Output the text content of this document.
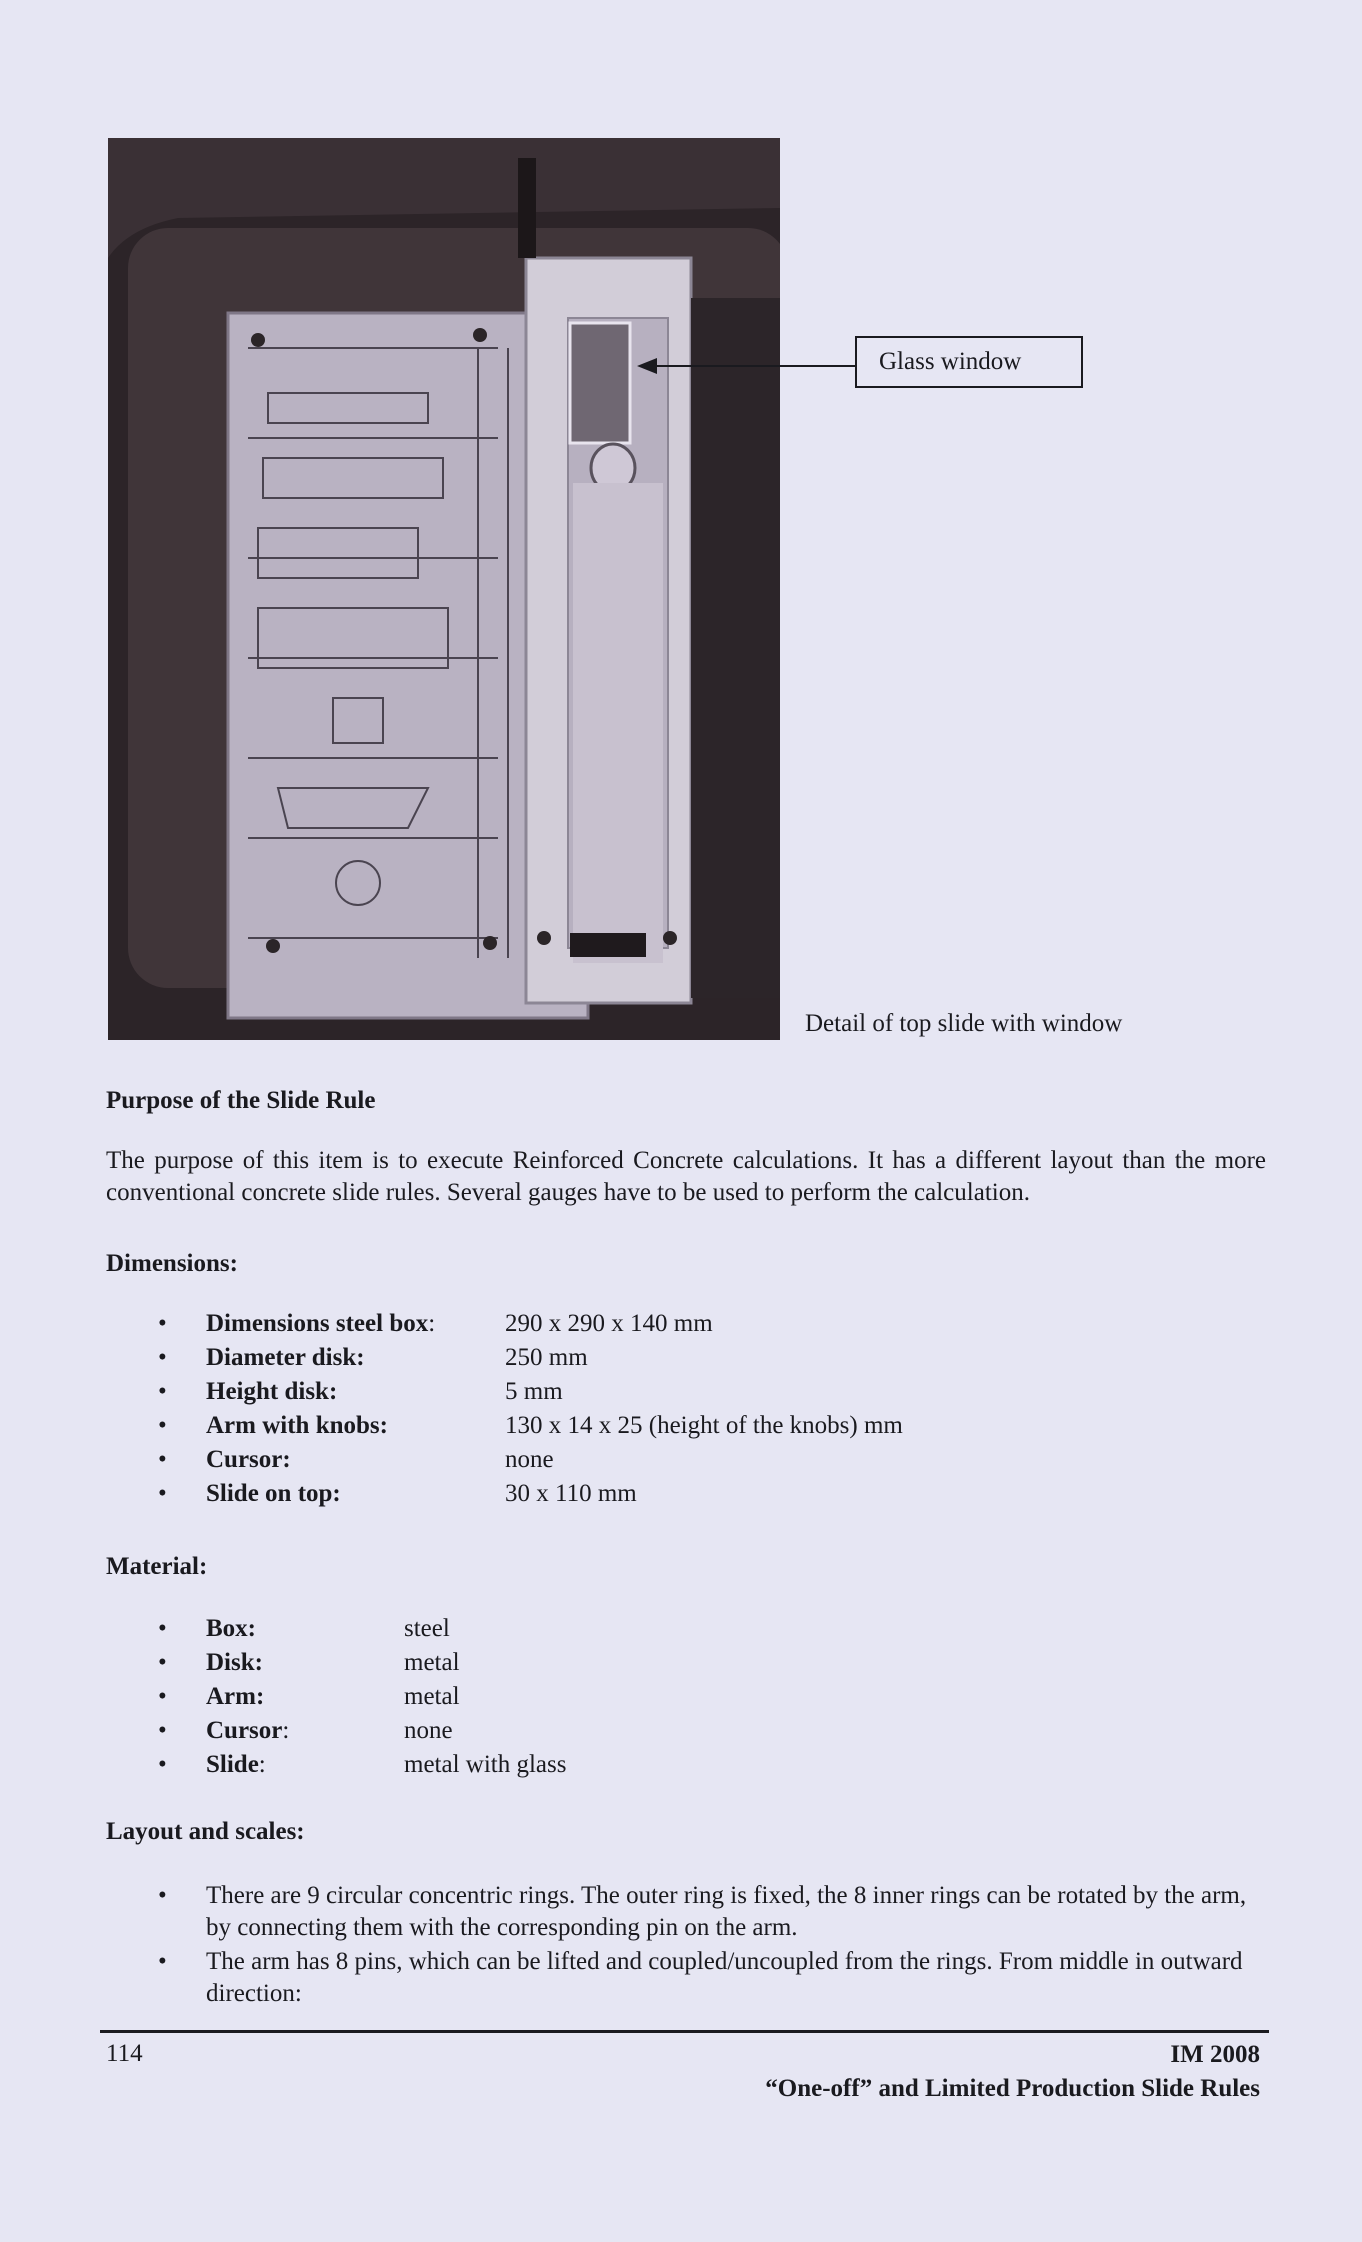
Glass window
Detail of top slide with window
Purpose of the Slide Rule
The purpose of this item is to execute Reinforced Concrete calculations. It has a different layout than the more conventional concrete slide rules. Several gauges have to be used to perform the calculation.
Dimensions:
• Dimensions steel box:	290 x 290 x 140 mm
• Diameter disk:	250 mm
• Height disk:	5 mm
• Arm with knobs:	130 x 14 x 25 (height of the knobs) mm
• Cursor:	none
• Slide on top:	30 x 110 mm
Material:
• Box:	steel
• Disk:	metal
• Arm:	metal
• Cursor:	none
• Slide:	metal with glass
Layout and scales:
• There are 9 circular concentric rings. The outer ring is fixed, the 8 inner rings can be rotated by the arm, by connecting them with the corresponding pin on the arm.
• The arm has 8 pins, which can be lifted and coupled/uncoupled from the rings. From middle in outward direction:
114	IM 2008
“One-off” and Limited Production Slide Rules
